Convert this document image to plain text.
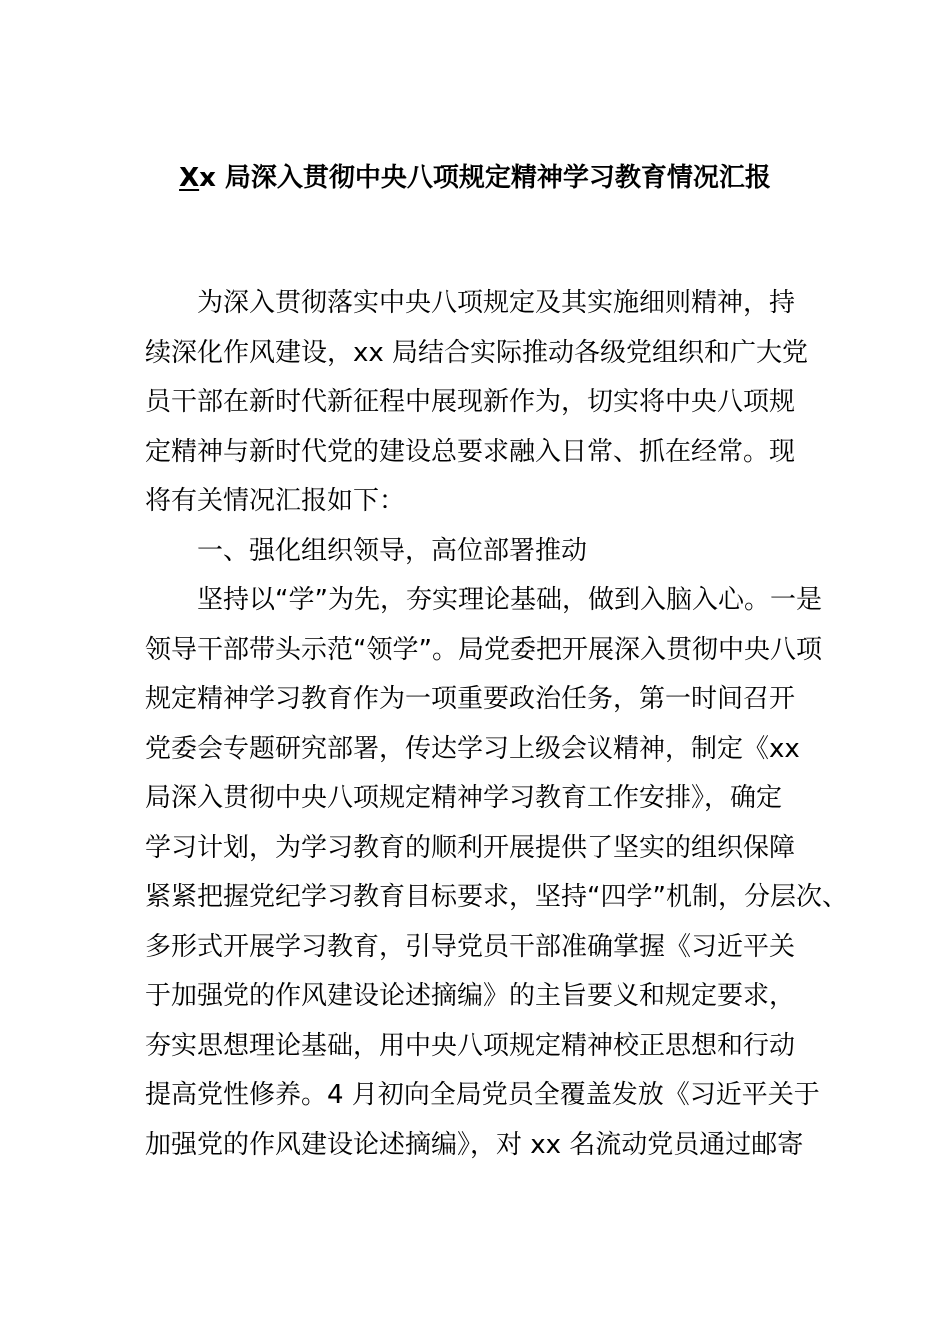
Xx 局深入贯彻中央八项规定精神学习教育情况汇报
为深入贯彻落实中央八项规定及其实施细则精神，持
续深化作风建设，xx 局结合实际推动各级党组织和广大党
员干部在新时代新征程中展现新作为，切实将中央八项规
定精神与新时代党的建设总要求融入日常、抓在经常。现
将有关情况汇报如下：
一、强化组织领导，高位部署推动
坚持以“学”为先，夯实理论基础，做到入脑入心。一是
领导干部带头示范“领学”。局党委把开展深入贯彻中央八项
规定精神学习教育作为一项重要政治任务，第一时间召开
党委会专题研究部署，传达学习上级会议精神，制定《xx
局深入贯彻中央八项规定精神学习教育工作安排》，确定
学习计划，为学习教育的顺利开展提供了坚实的组织保障
紧紧把握党纪学习教育目标要求，坚持“四学”机制，分层次、
多形式开展学习教育，引导党员干部准确掌握《习近平关
于加强党的作风建设论述摘编》的主旨要义和规定要求，
夯实思想理论基础，用中央八项规定精神校正思想和行动
提高党性修养。4 月初向全局党员全覆盖发放《习近平关于
加强党的作风建设论述摘编》，对 xx 名流动党员通过邮寄
